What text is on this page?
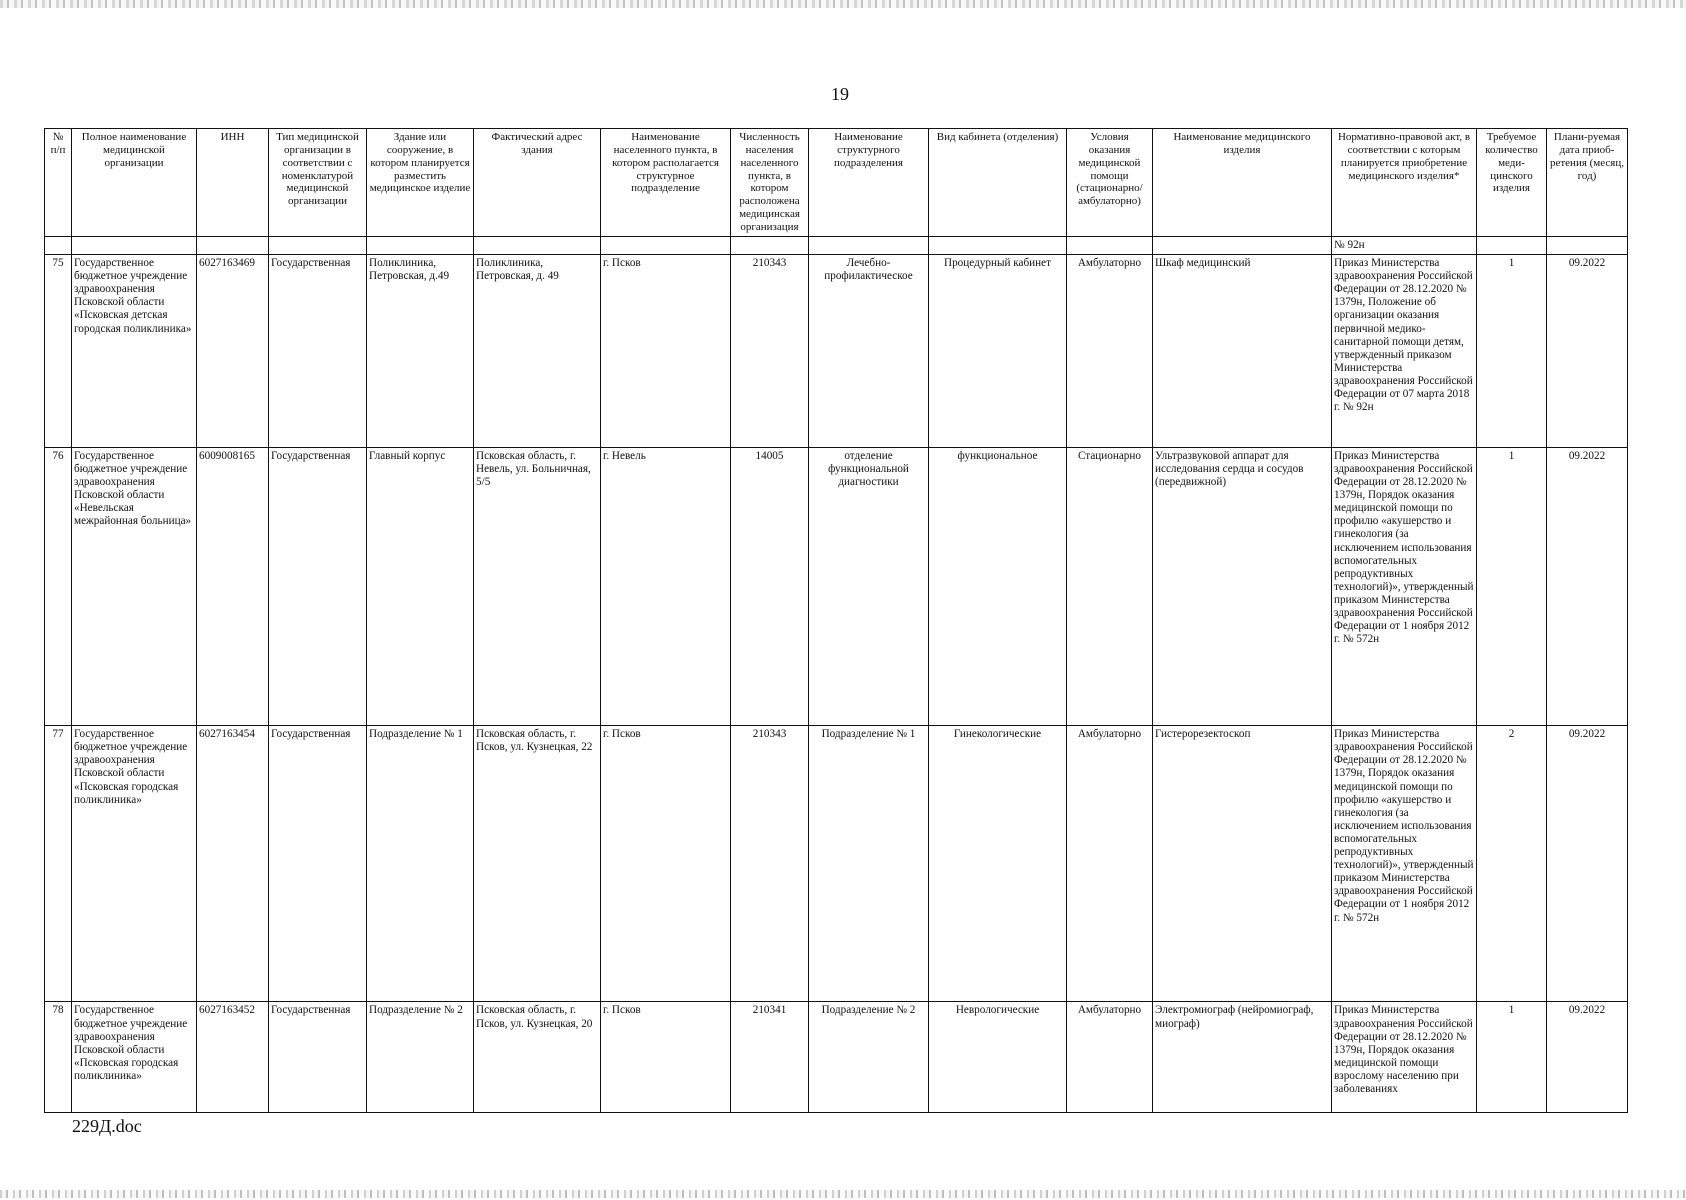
19
№ п/п	Полное наименование медицинской организации	ИНН	Тип медицинской организации в соответствии с номенклатурой медицинской организации	Здание или сооружение, в котором планируется разместить медицинское изделие	Фактический адрес здания	Наименование населенного пункта, в котором располагается структурное подразделение	Численность населения населенного пункта, в котором расположена медицинская организация	Наименование структурного подразделения	Вид кабинета (отделения)	Условия оказания медицинской помощи (стационарно/ амбулаторно)	Наименование медицинского изделия	Нормативно-правовой акт, в соответствии с которым планируется приобретение медицинского изделия*	Требуемое количество меди-цинского изделия	Плани-руемая дата приоб-ретения (месяц, год)
												№ 92н		
75	Государственное бюджетное учреждение здравоохранения Псковской области «Псковская детская городская поликлиника»	6027163469	Государственная	Поликлиника, Петровская, д.49	Поликлиника, Петровская, д. 49	г. Псков	210343	Лечебно-профилактическое	Процедурный кабинет	Амбулаторно	Шкаф медицинский	Приказ Министерства здравоохранения Российской Федерации от 28.12.2020 № 1379н, Положение об организации оказания первичной медико-санитарной помощи детям, утвержденный приказом Министерства здравоохранения Российской Федерации от 07 марта 2018 г. № 92н	1	09.2022
76	Государственное бюджетное учреждение здравоохранения Псковской области «Невельская межрайонная больница»	6009008165	Государственная	Главный корпус	Псковская область, г. Невель, ул. Больничная, 5/5	г. Невель	14005	отделение функциональной диагностики	функциональное	Стационарно	Ультразвуковой аппарат для исследования сердца и сосудов (передвижной)	Приказ Министерства здравоохранения Российской Федерации от 28.12.2020 № 1379н, Порядок оказания медицинской помощи по профилю «акушерство и гинекология (за исключением использования вспомогательных репродуктивных технологий)», утвержденный приказом Министерства здравоохранения Российской Федерации от 1 ноября 2012 г. № 572н	1	09.2022
77	Государственное бюджетное учреждение здравоохранения Псковской области «Псковская городская поликлиника»	6027163454	Государственная	Подразделение № 1	Псковская область, г. Псков, ул. Кузнецкая, 22	г. Псков	210343	Подразделение № 1	Гинекологические	Амбулаторно	Гистерорезектоскоп	Приказ Министерства здравоохранения Российской Федерации от 28.12.2020 № 1379н, Порядок оказания медицинской помощи по профилю «акушерство и гинекология (за исключением использования вспомогательных репродуктивных технологий)», утвержденный приказом Министерства здравоохранения Российской Федерации от 1 ноября 2012 г. № 572н	2	09.2022
78	Государственное бюджетное учреждение здравоохранения Псковской области «Псковская городская поликлиника»	6027163452	Государственная	Подразделение № 2	Псковская область, г. Псков, ул. Кузнецкая, 20	г. Псков	210341	Подразделение № 2	Неврологические	Амбулаторно	Электромиограф (нейромиограф, миограф)	Приказ Министерства здравоохранения Российской Федерации от 28.12.2020 № 1379н, Порядок оказания медицинской помощи взрослому населению при заболеваниях	1	09.2022
229Д.doc
